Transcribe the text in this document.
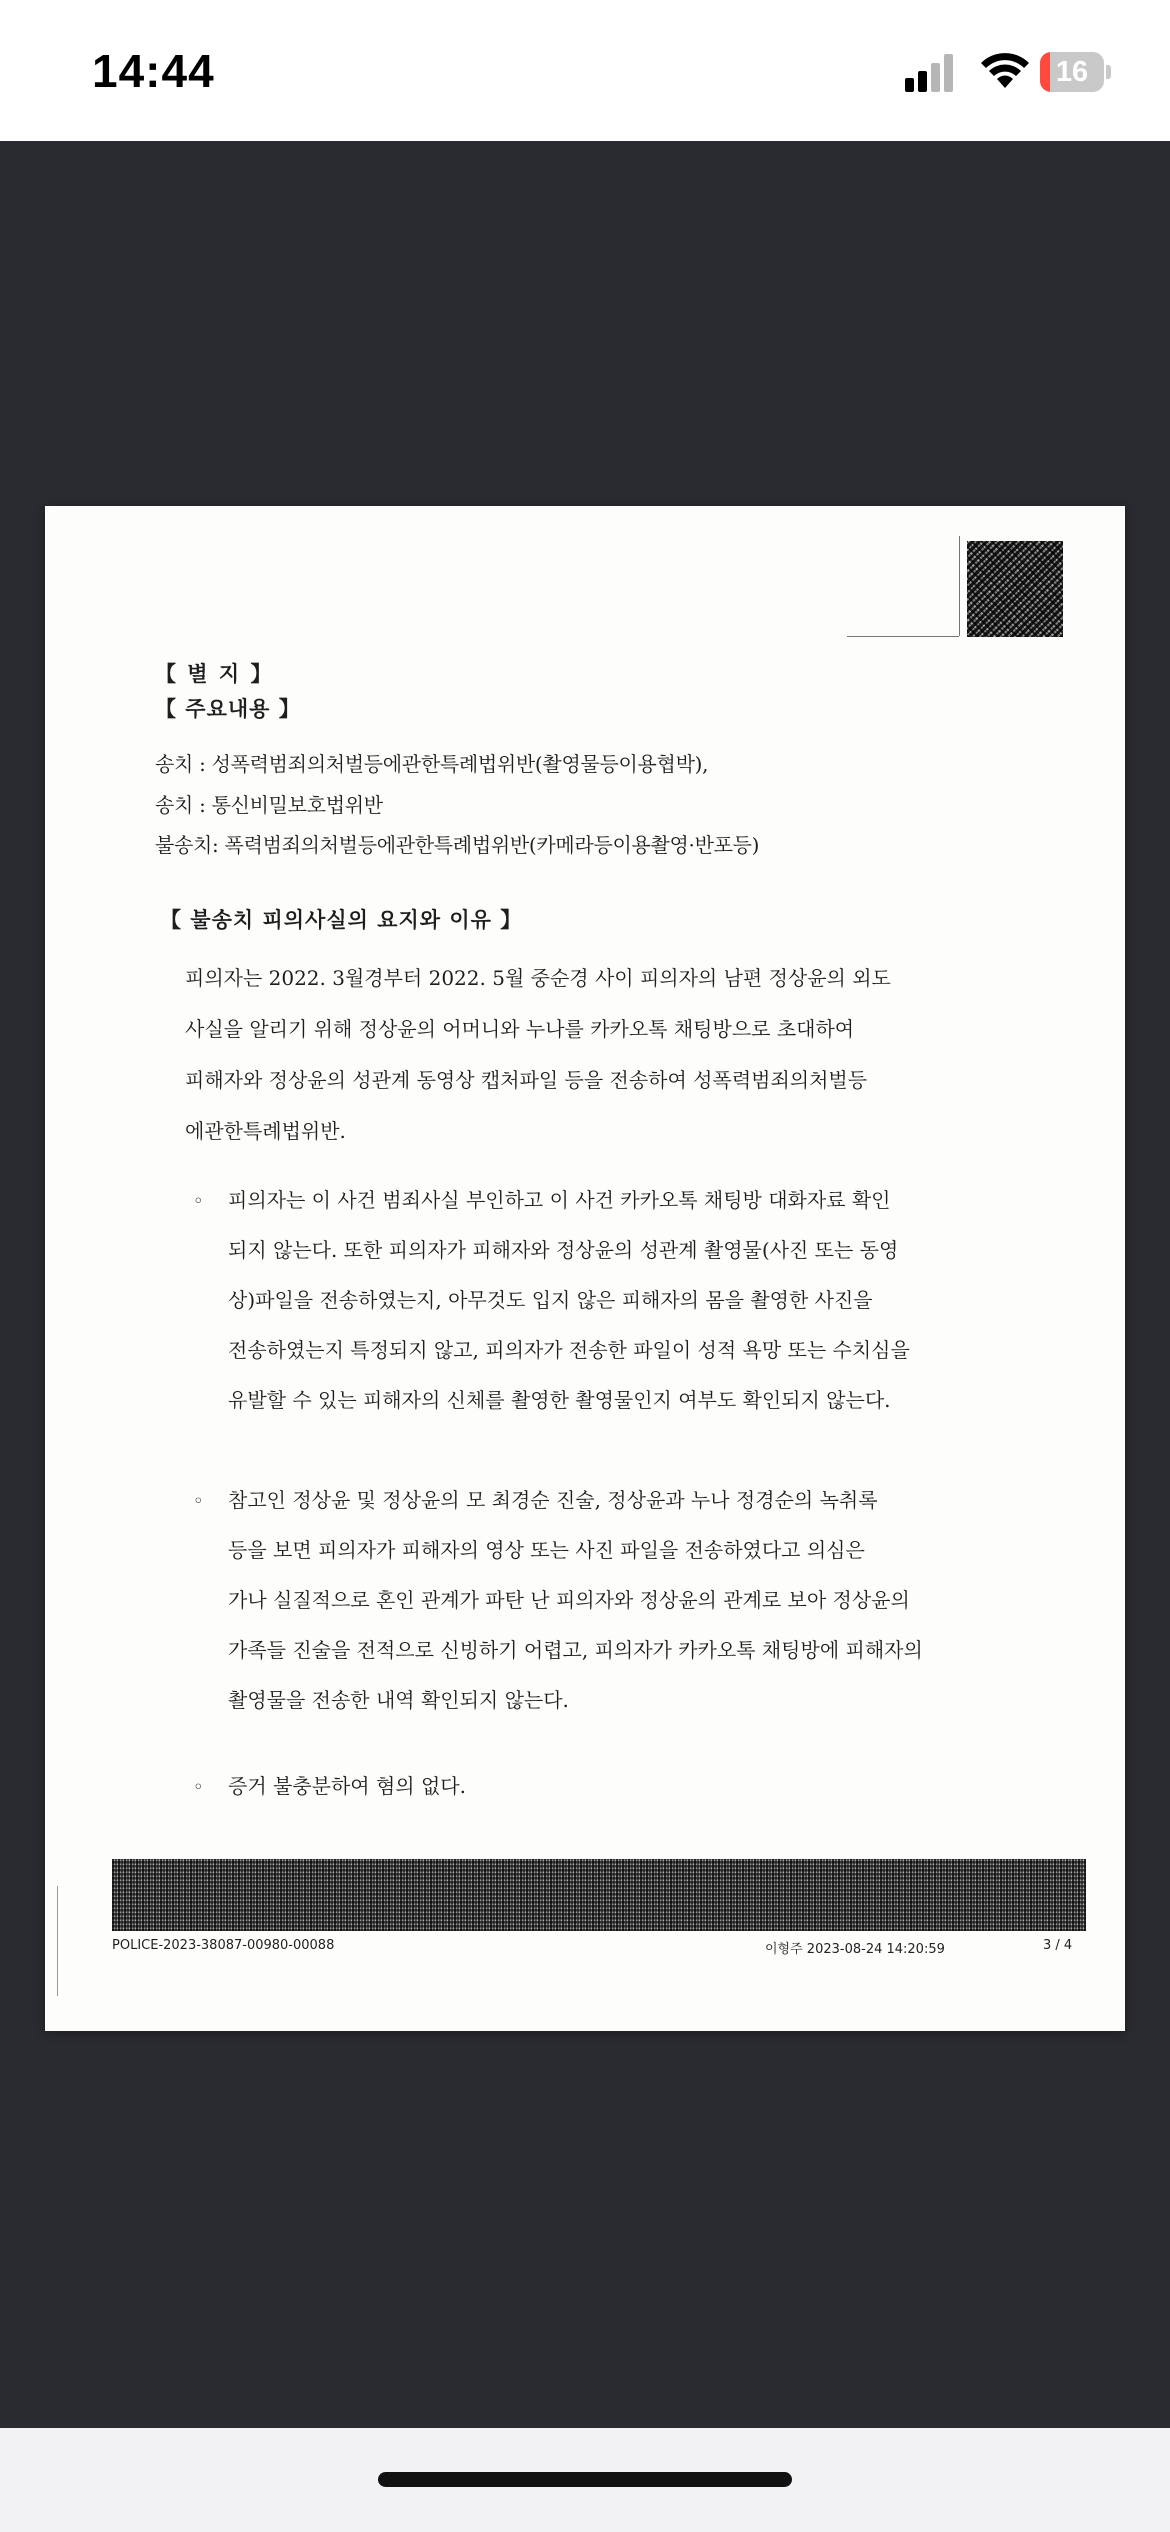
14:44	16
【 별 지 】
【 주요내용 】
송치 : 성폭력범죄의처벌등에관한특례법위반(촬영물등이용협박),
송치 : 통신비밀보호법위반
불송치: 폭력범죄의처벌등에관한특례법위반(카메라등이용촬영·반포등)
【 불송치 피의사실의 요지와 이유 】
피의자는 2022. 3월경부터 2022. 5월 중순경 사이 피의자의 남편 정상윤의 외도
사실을 알리기 위해 정상윤의 어머니와 누나를 카카오톡 채팅방으로 초대하여
피해자와 정상윤의 성관계 동영상 캡처파일 등을 전송하여 성폭력범죄의처벌등
에관한특례법위반.
◦ 피의자는 이 사건 범죄사실 부인하고 이 사건 카카오톡 채팅방 대화자료 확인
되지 않는다. 또한 피의자가 피해자와 정상윤의 성관계 촬영물(사진 또는 동영
상)파일을 전송하였는지, 아무것도 입지 않은 피해자의 몸을 촬영한 사진을
전송하였는지 특정되지 않고, 피의자가 전송한 파일이 성적 욕망 또는 수치심을
유발할 수 있는 피해자의 신체를 촬영한 촬영물인지 여부도 확인되지 않는다.
◦ 참고인 정상윤 및 정상윤의 모 최경순 진술, 정상윤과 누나 정경순의 녹취록
등을 보면 피의자가 피해자의 영상 또는 사진 파일을 전송하였다고 의심은
가나 실질적으로 혼인 관계가 파탄 난 피의자와 정상윤의 관계로 보아 정상윤의
가족들 진술을 전적으로 신빙하기 어렵고, 피의자가 카카오톡 채팅방에 피해자의
촬영물을 전송한 내역 확인되지 않는다.
◦ 증거 불충분하여 혐의 없다.
POLICE-2023-38087-00980-00088	이형주 2023-08-24 14:20:59	3 / 4
